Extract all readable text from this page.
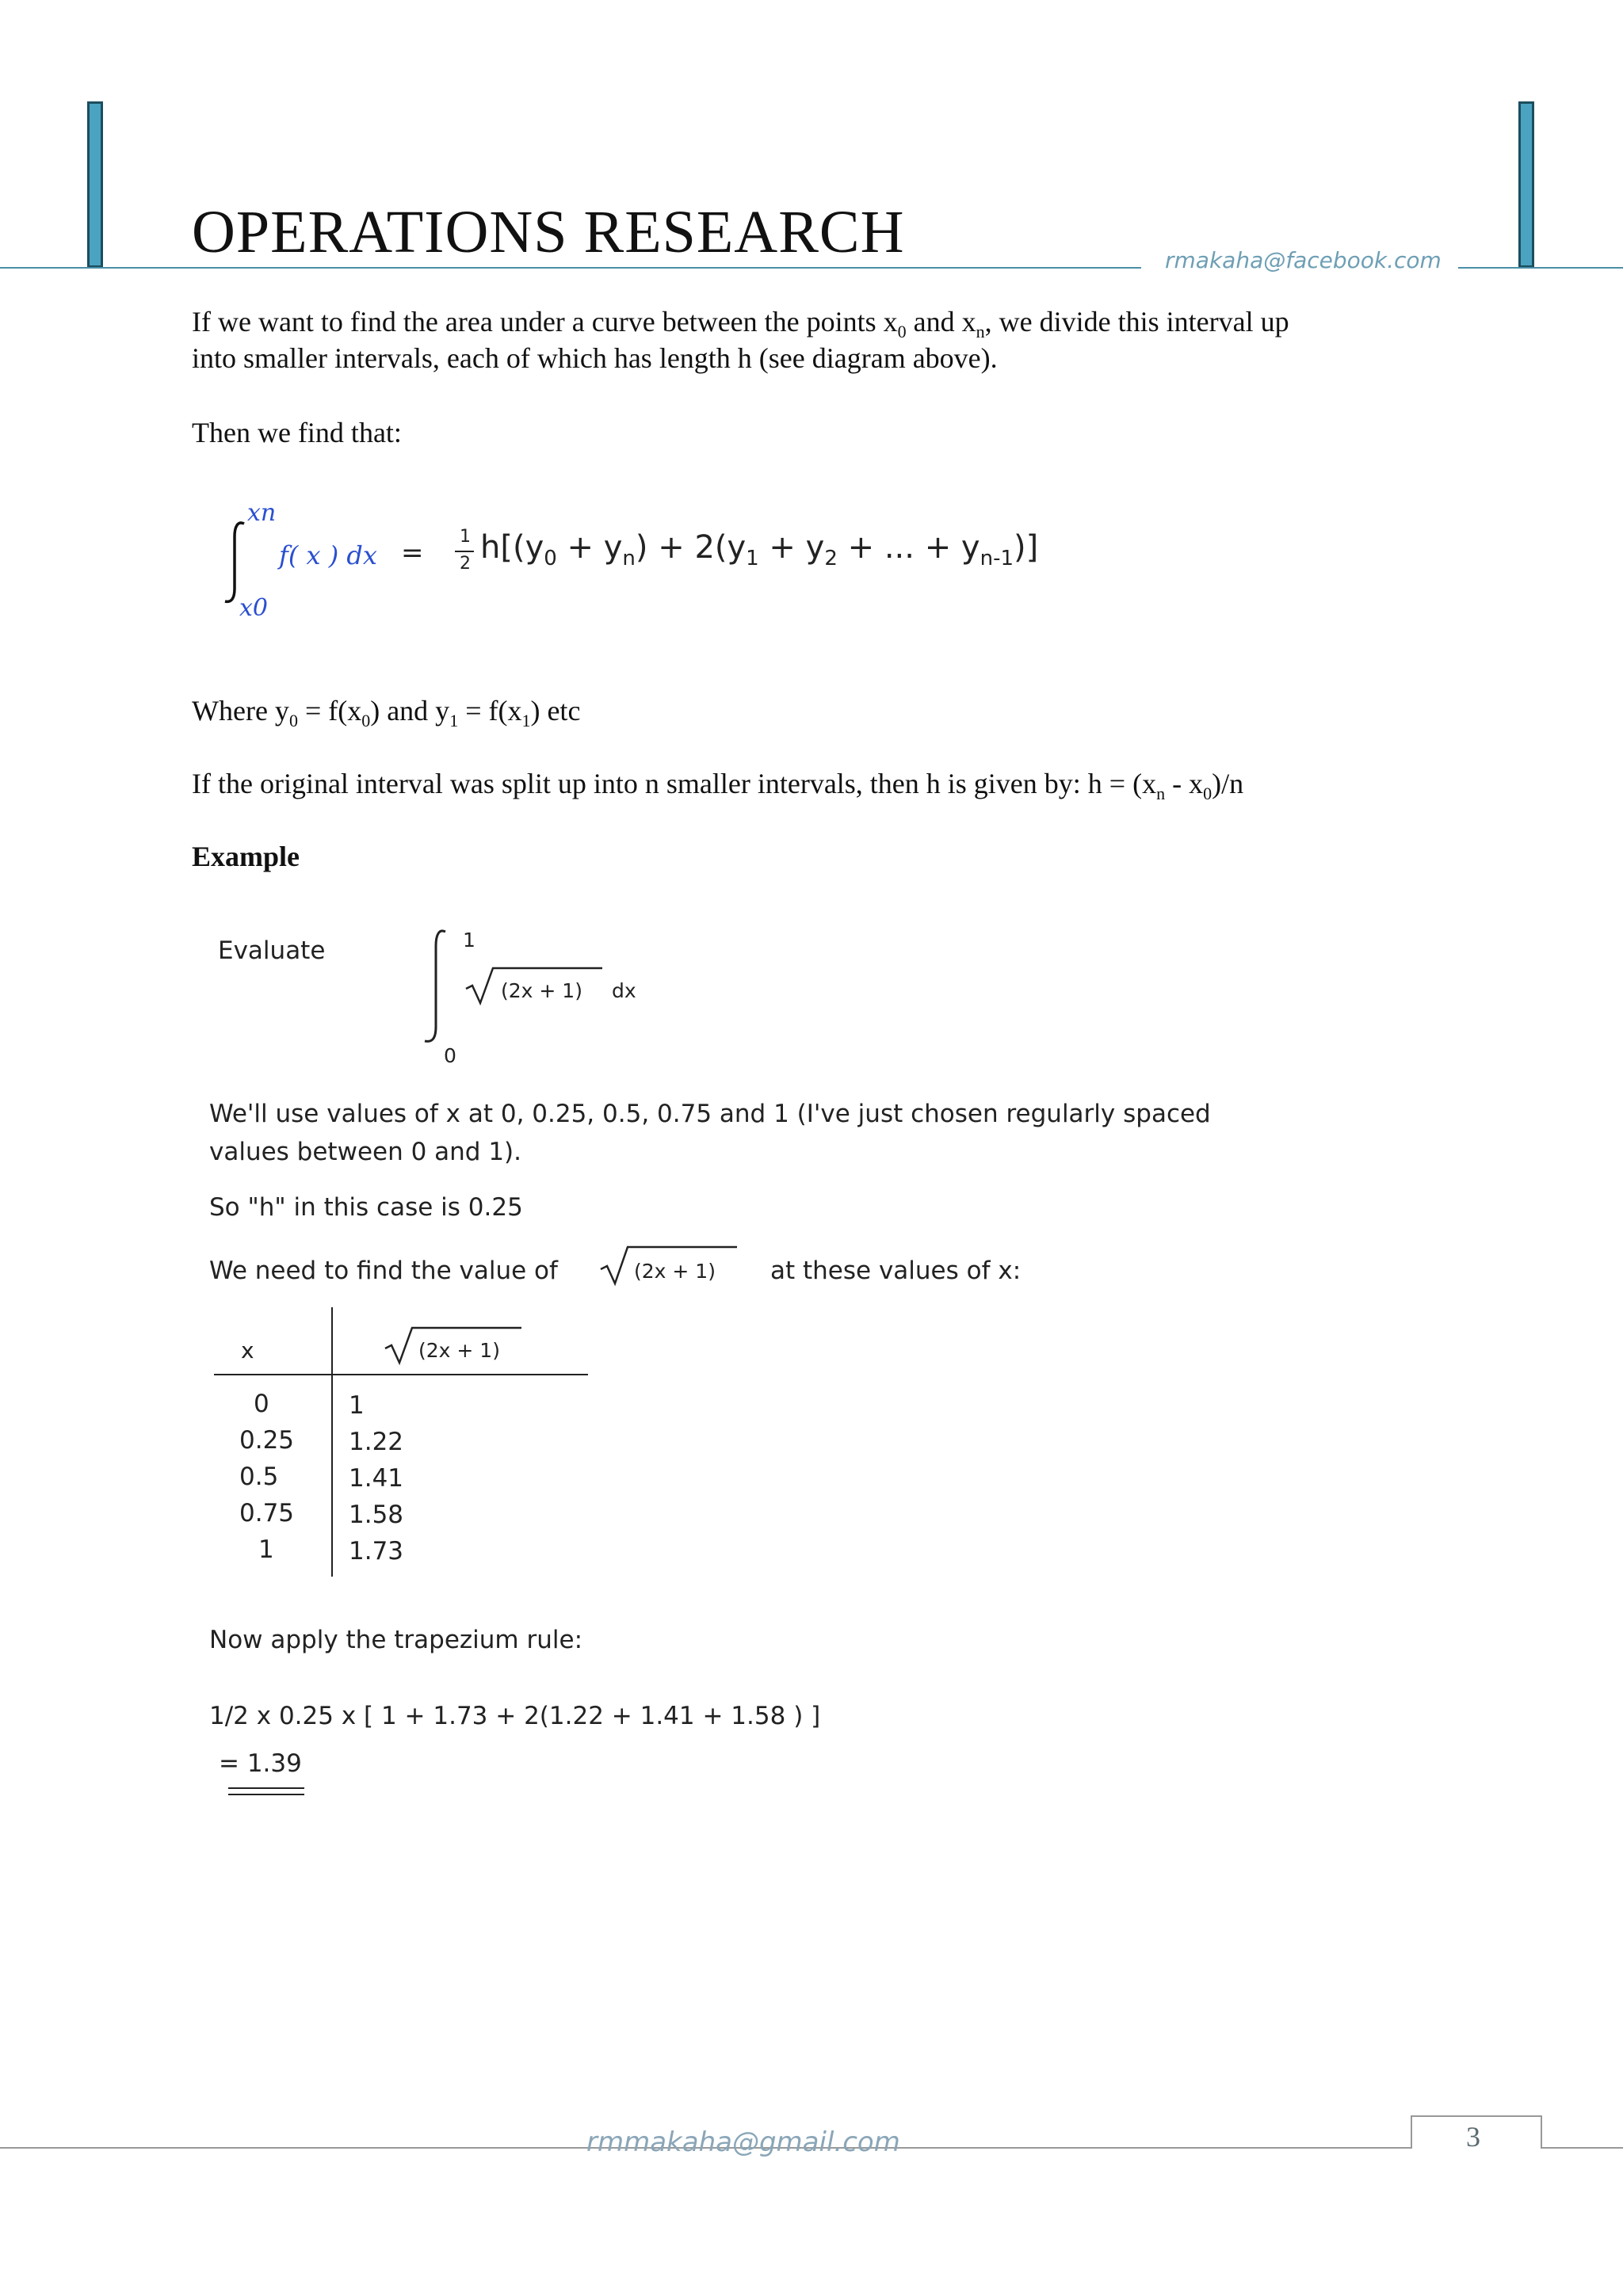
OPERATIONS RESEARCH	rmakaha@facebook.com
If we want to find the area under a curve between the points $x_0$ and $x_n$, we divide this interval up
into smaller intervals, each of which has length h (see diagram above).
Then we find that:
xn
x0
f( x ) dx =
1
2 $h[(y_0 + y_n) + 2(y_1 + y_2$ + ... + $y_{n-1}$)]
Where $y_0 = f(x_0)$ and $y_1 = f(x_1)$ etc
If the original interval was split up into n smaller intervals, then h is given by: $h = (x_n - x_0)/n$
Example
Evaluate	1
0
(2x + 1) dx
We'll use values of x at 0, 0.25, 0.5, 0.75 and 1 (I've just chosen regularly spaced
values between 0 and 1).
So "h" in this case is 0.25
We need to find the value of	(2x + 1) at these values of x:
x	(2x + 1)
0	1
0.25 1.22
0.5	1.41
0.75 1.58
1	1.73
Now apply the trapezium rule:
1/2 x 0.25 x [ 1 + 1.73 + 2(1.22 + 1.41 + 1.58 ) ]
= 1.39
rmmakaha@gmail.com	3
